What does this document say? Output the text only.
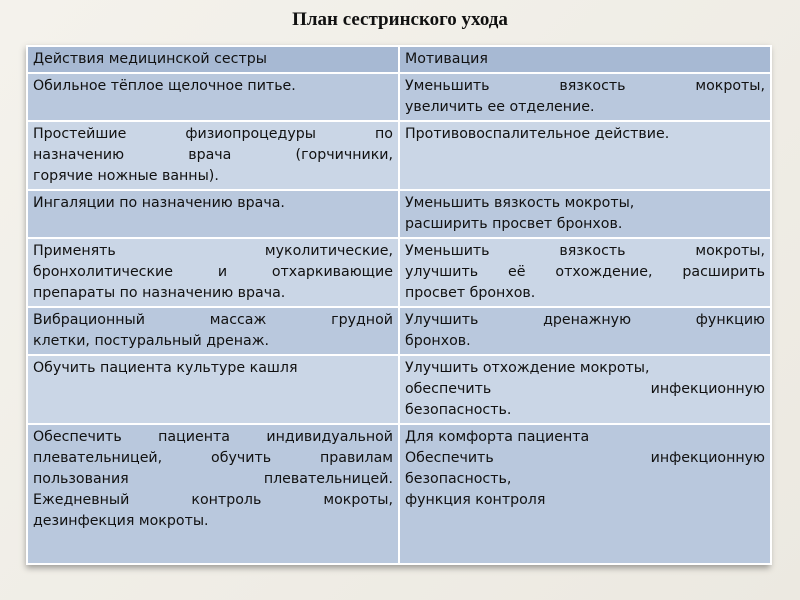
План сестринского ухода
Действия медицинской сестры	Мотивация

Обильное тёплое щелочное питье.	Уменьшить вязкость мокроты,
увеличить ее отделение.

Простейшие физиопроцедуры по
назначению врача (горчичники,
горячие ножные ванны).	Противовоспалительное действие.

Ингаляции по назначению врача.	Уменьшить вязкость мокроты,
расширить просвет бронхов.

Применять муколитические,
бронхолитические и отхаркивающие
препараты по назначению врача.	Уменьшить вязкость мокроты,
улучшить её отхождение, расширить
просвет бронхов.

Вибрационный массаж грудной
клетки, постуральный дренаж.	Улучшить дренажную функцию
бронхов.

Обучить пациента культуре кашля	Улучшить отхождение мокроты,
обеспечить инфекционную
безопасность.

Обеспечить пациента индивидуальной
плевательницей, обучить правилам
пользования плевательницей.
Ежедневный контроль мокроты,
дезинфекция мокроты.	Для комфорта пациента
Обеспечить инфекционную
безопасность,
функция контроля
